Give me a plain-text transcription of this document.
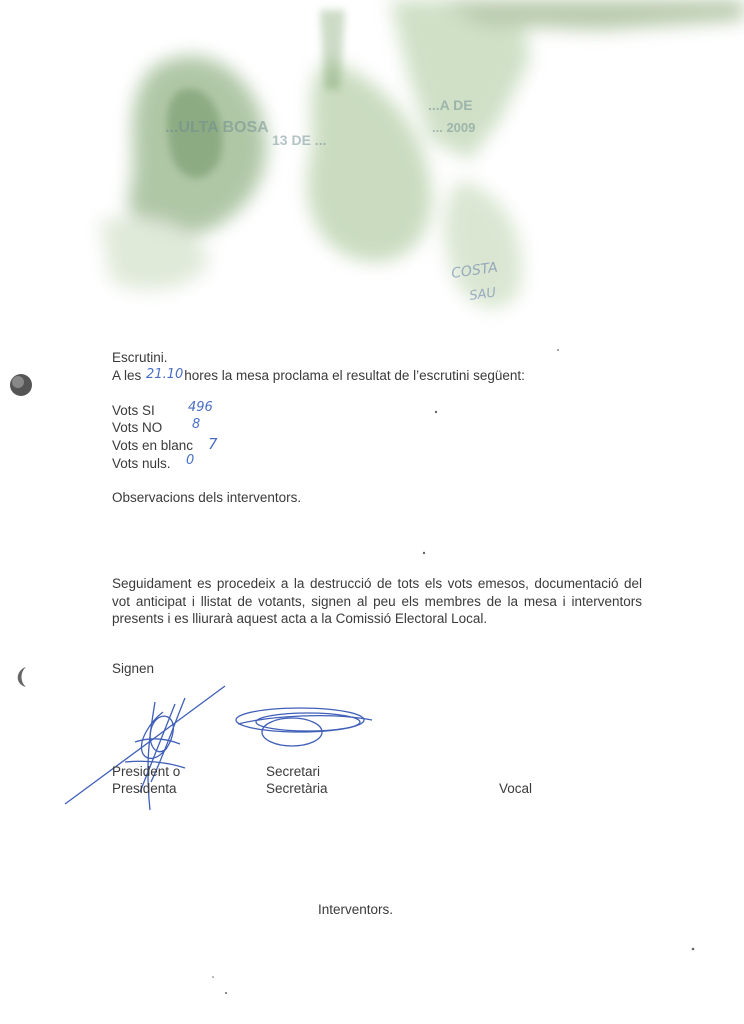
...ULTA BOSA
13 DE ...
...A DE
... 2009
COSTA
SAU
Escrutini.
A les 21.10hores la mesa proclama el resultat de l’escrutini següent:
Vots SI	496
Vots NO 8
Vots en blanc 7
Vots nuls. 0
Observacions dels interventors.
Seguidament es procedeix a la destrucció de tots els vots emesos, documentació del vot anticipat i llistat de votants, signen al peu els membres de la mesa i interventors presents i es lliurarà aquest acta a la Comissió Electoral Local.
Signen
President o
Presidenta
Secretari
Secretària	Vocal
Interventors.
